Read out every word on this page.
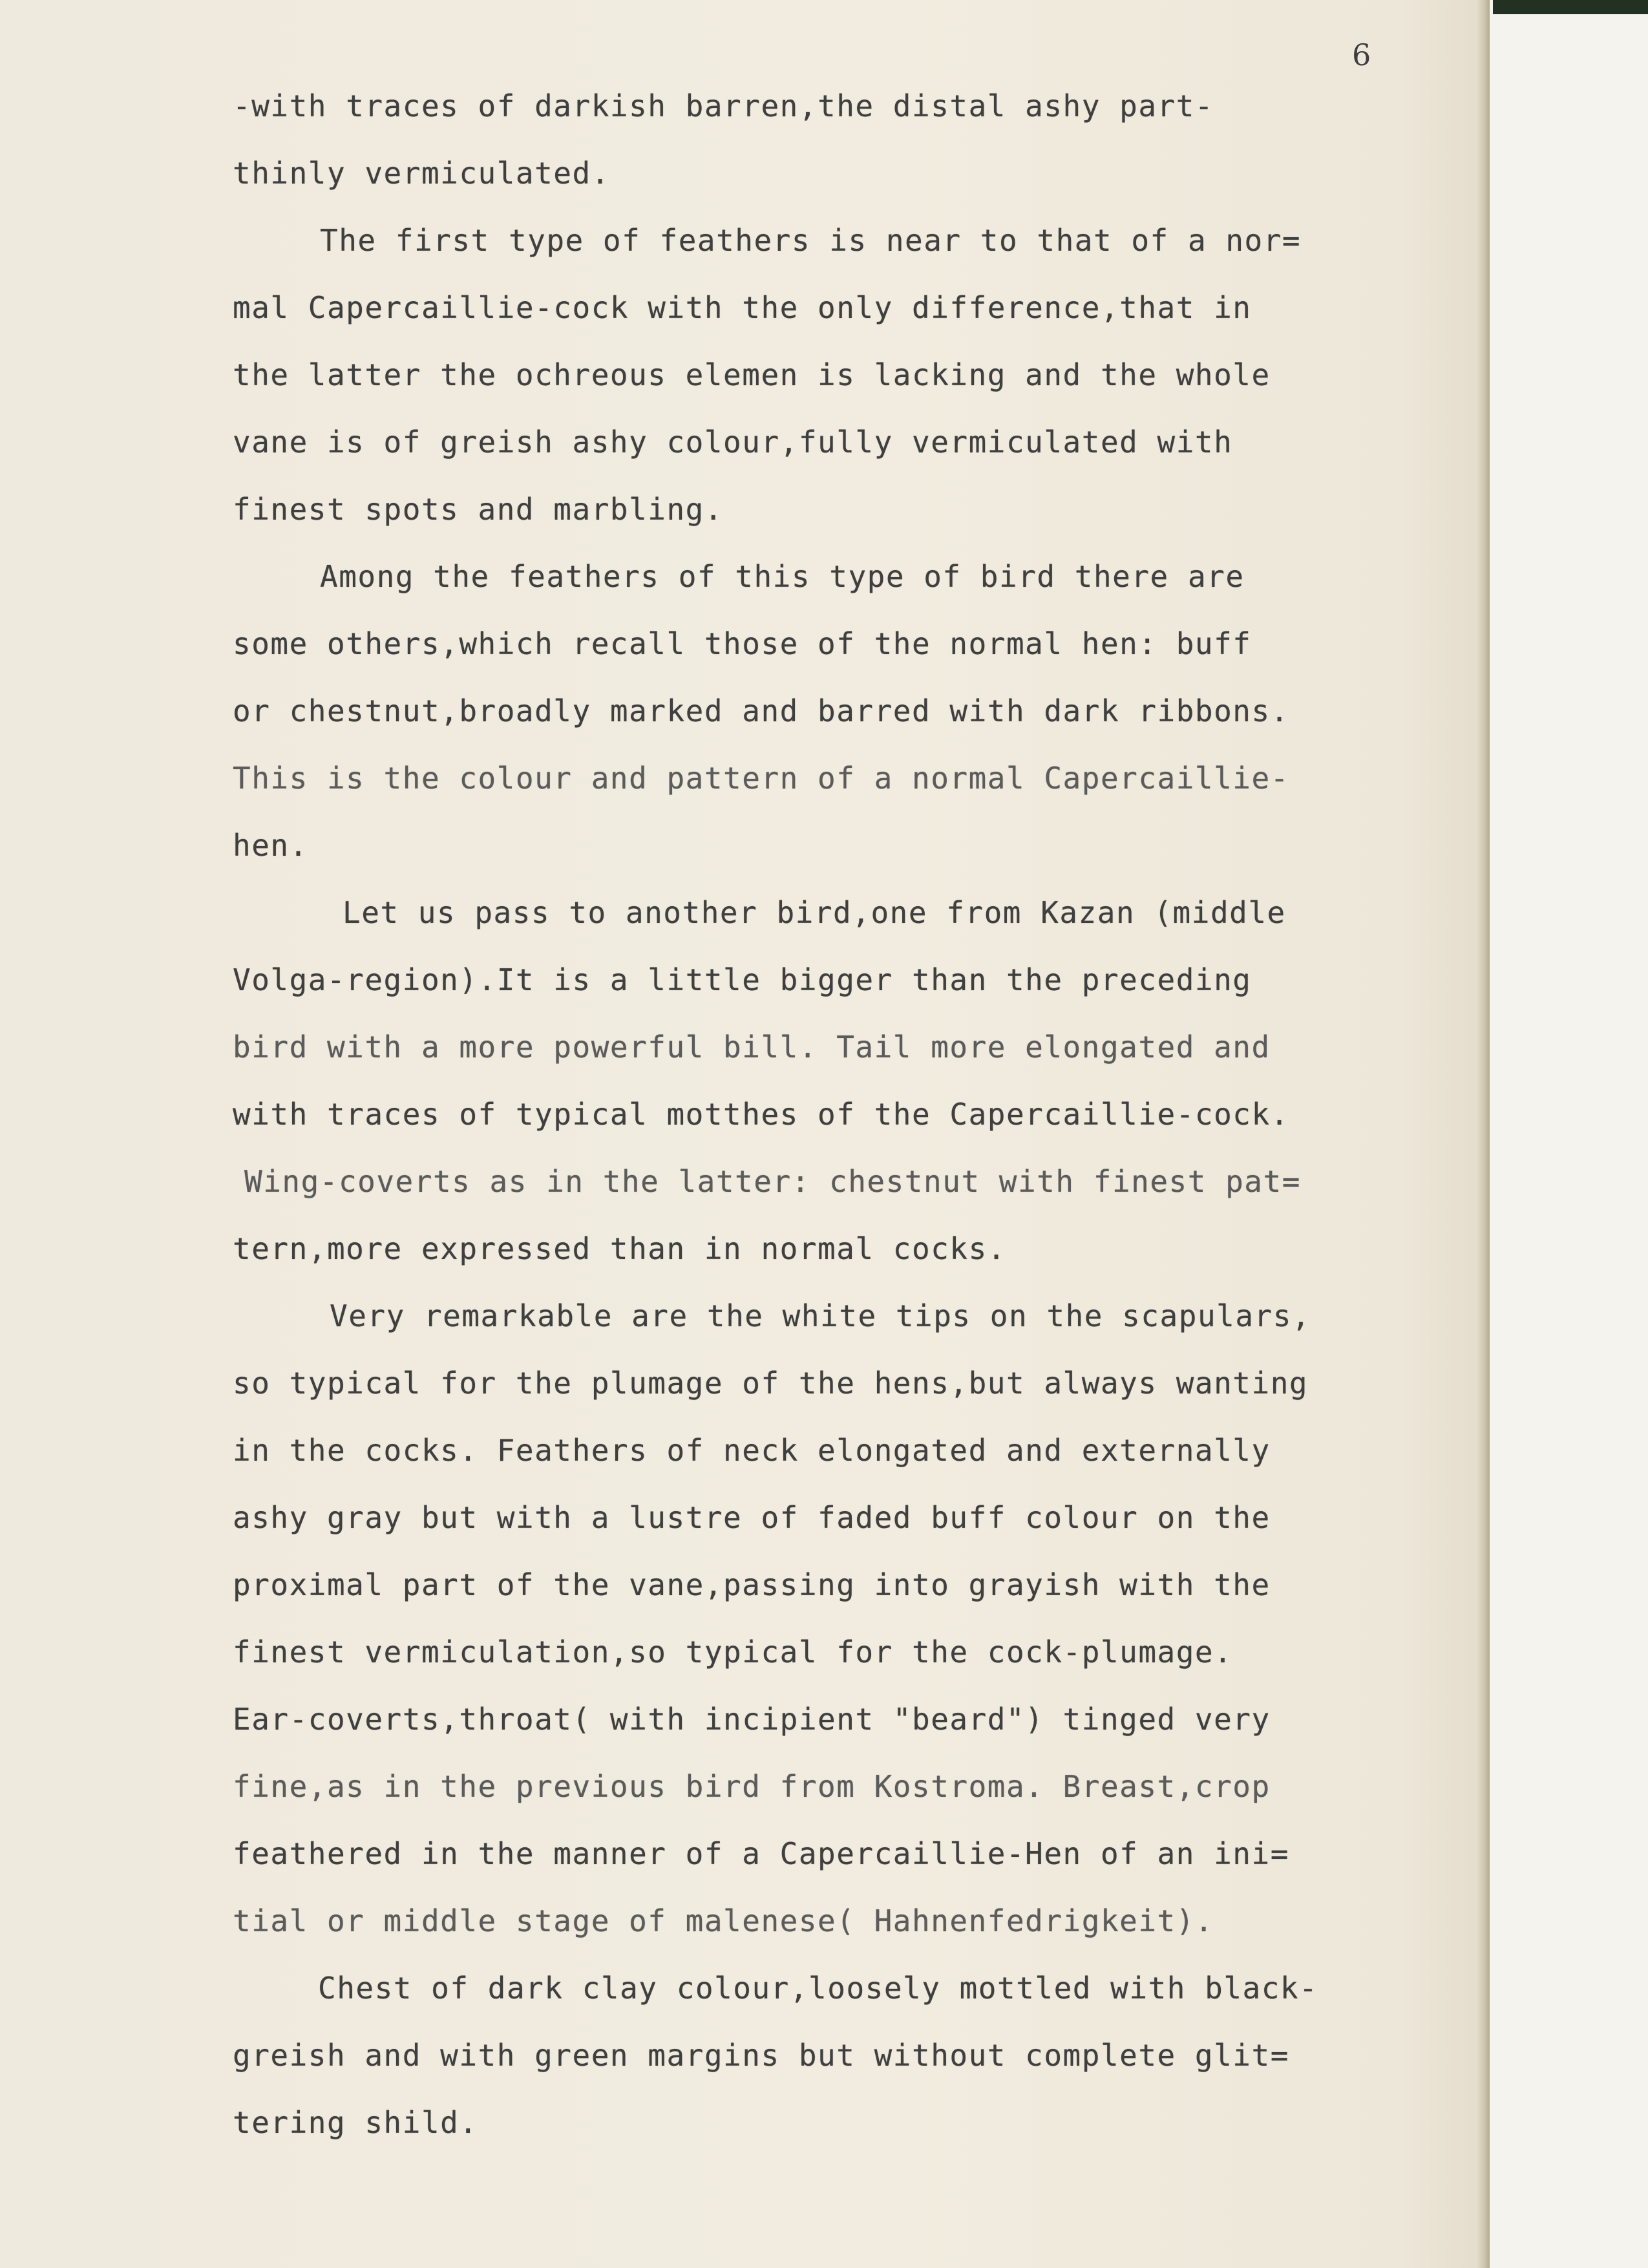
6
-with traces of darkish barren,the distal ashy part-
thinly vermiculated.
The first type of feathers is near to that of a nor=
mal Capercaillie-cock with the only difference,that in
the latter the ochreous elemen is lacking and the whole
vane is of greish ashy colour,fully vermiculated with
finest spots and marbling.
Among the feathers of this type of bird there are
some others,which recall those of the normal hen: buff
or chestnut,broadly marked and barred with dark ribbons.
This is the colour and pattern of a normal Capercaillie-
hen.
Let us pass to another bird,one from Kazan (middle
Volga-region).It is a little bigger than the preceding
bird with a more powerful bill. Tail more elongated and
with traces of typical motthes of the Capercaillie-cock.
Wing-coverts as in the latter: chestnut with finest pat=
tern,more expressed than in normal cocks.
Very remarkable are the white tips on the scapulars,
so typical for the plumage of the hens,but always wanting
in the cocks. Feathers of neck elongated and externally
ashy gray but with a lustre of faded buff colour on the
proximal part of the vane,passing into grayish with the
finest vermiculation,so typical for the cock-plumage.
Ear-coverts,throat( with incipient "beard") tinged very
fine,as in the previous bird from Kostroma. Breast,crop
feathered in the manner of a Capercaillie-Hen of an ini=
tial or middle stage of malenese( Hahnenfedrigkeit).
Chest of dark clay colour,loosely mottled with black-
greish and with green margins but without complete glit=
tering shild.
